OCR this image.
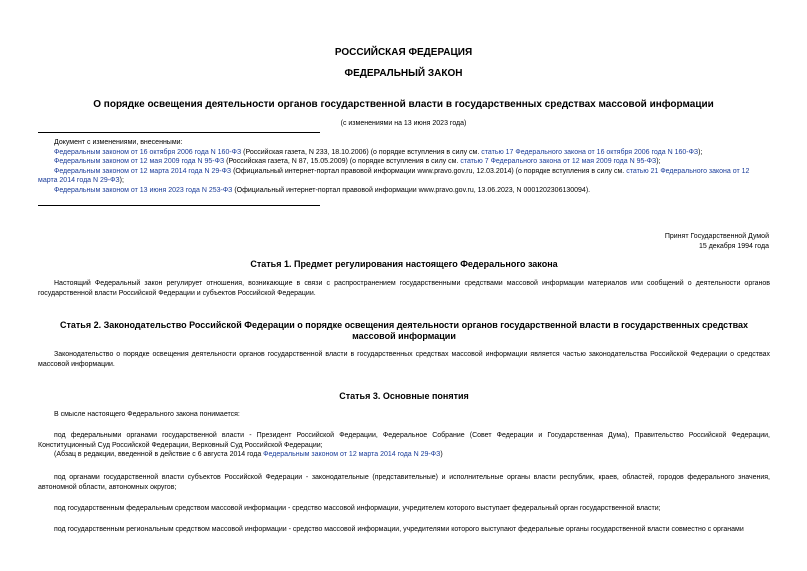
РОССИЙСКАЯ ФЕДЕРАЦИЯ
ФЕДЕРАЛЬНЫЙ ЗАКОН
О порядке освещения деятельности органов государственной власти в государственных средствах массовой информации
(с изменениями на 13 июня 2023 года)

Документ с изменениями, внесенными:

Федеральным законом от 16 октября 2006 года N 160-ФЗ (Российская газета, N 233, 18.10.2006) (о порядке вступления в силу см. статью 17 Федерального закона от 16 октября 2006 года N 160-ФЗ);

Федеральным законом от 12 мая 2009 года N 95-ФЗ (Российская газета, N 87, 15.05.2009) (о порядке вступления в силу см. статью 7 Федерального закона от 12 мая 2009 года N 95-ФЗ);

Федеральным законом от 12 марта 2014 года N 29-ФЗ (Официальный интернет-портал правовой информации www.pravo.gov.ru, 12.03.2014) (о порядке вступления в силу см. статью 21 Федерального закона от 12 марта 2014 года N 29-ФЗ);

Федеральным законом от 13 июня 2023 года N 253-ФЗ (Официальный интернет-портал правовой информации www.pravo.gov.ru, 13.06.2023, N 0001202306130094).

Принят Государственной Думой
15 декабря 1994 года
Статья 1. Предмет регулирования настоящего Федерального закона

Настоящий Федеральный закон регулирует отношения, возникающие в связи с распространением государственными средствами массовой информации материалов или сообщений о деятельности органов государственной власти Российской Федерации и субъектов Российской Федерации.

Статья 2. Законодательство Российской Федерации о порядке освещения деятельности органов государственной власти в государственных средствах массовой информации

Законодательство о порядке освещения деятельности органов государственной власти в государственных средствах массовой информации является частью законодательства Российской Федерации о средствах массовой информации.

Статья 3. Основные понятия

В смысле настоящего Федерального закона понимается:

под федеральными органами государственной власти - Президент Российской Федерации, Федеральное Собрание (Совет Федерации и Государственная Дума), Правительство Российской Федерации, Конституционный Суд Российской Федерации, Верховный Суд Российской Федерации;

(Абзац в редакции, введенной в действие с 6 августа 2014 года Федеральным законом от 12 марта 2014 года N 29-ФЗ)

под органами государственной власти субъектов Российской Федерации - законодательные (представительные) и исполнительные органы власти республик, краев, областей, городов федерального значения, автономной области, автономных округов;

под государственным федеральным средством массовой информации - средство массовой информации, учредителем которого выступает федеральный орган государственной власти;

под государственным региональным средством массовой информации - средство массовой информации, учредителями которого выступают федеральные органы государственной власти совместно с органами
